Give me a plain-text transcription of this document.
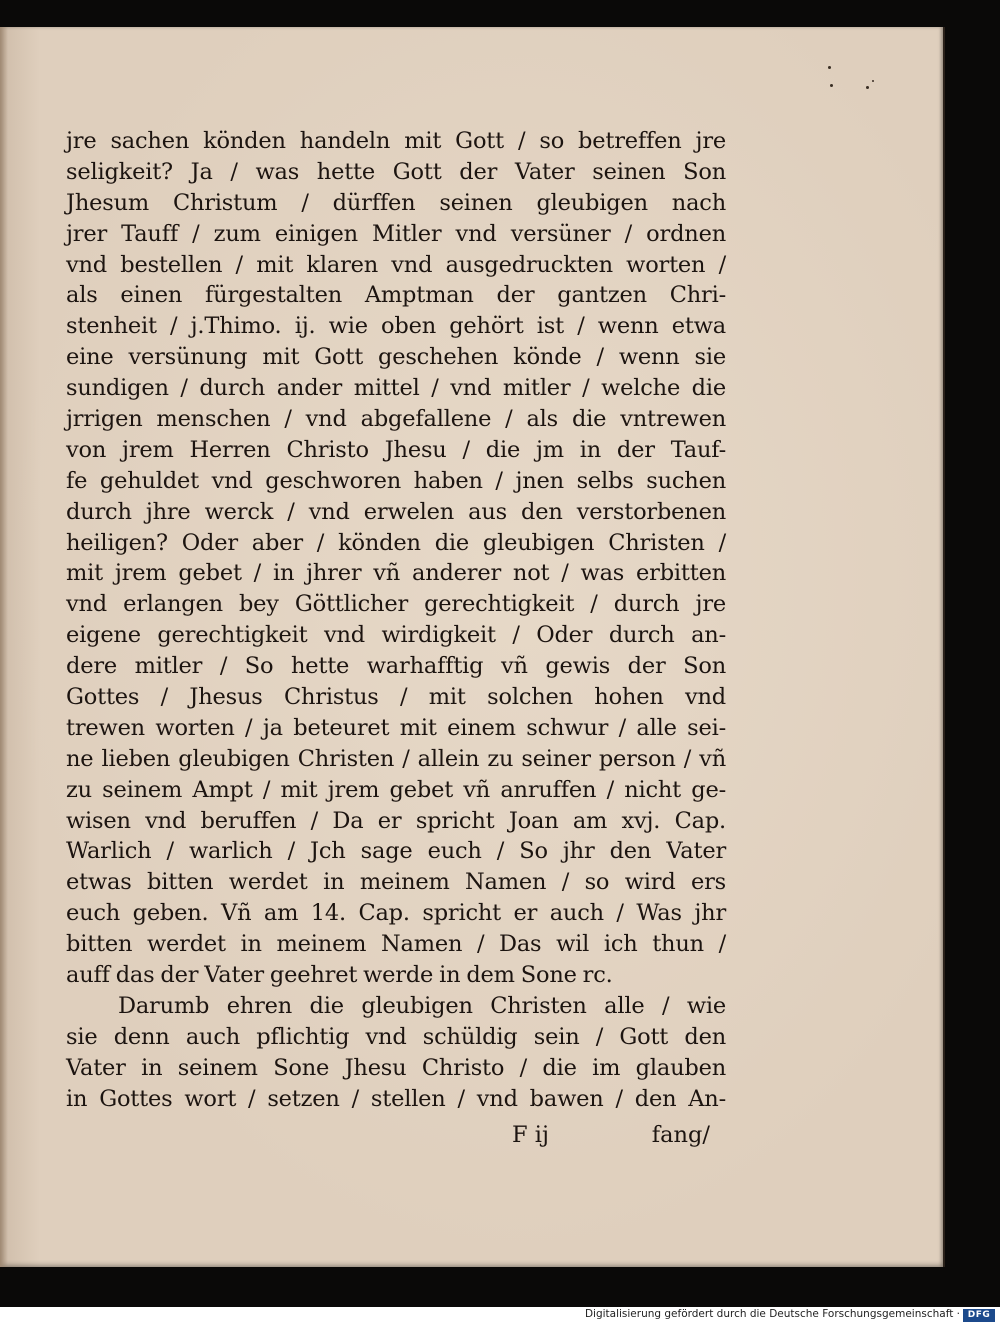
jre sachen könden handeln mit Gott / so betreffen jre
seligkeit? Ja / was hette Gott der Vater seinen Son
Jhesum Christum / dürffen seinen gleubigen nach
jrer Tauff / zum einigen Mitler vnd versüner / ordnen
vnd bestellen / mit klaren vnd ausgedruckten worten /
als einen fürgestalten Amptman der gantzen Chri-
stenheit / j.Thimo. ij. wie oben gehört ist / wenn etwa
eine versünung mit Gott geschehen könde / wenn sie
sundigen / durch ander mittel / vnd mitler / welche die
jrrigen menschen / vnd abgefallene / als die vntrewen
von jrem Herren Christo Jhesu / die jm in der Tauf-
fe gehuldet vnd geschworen haben / jnen selbs suchen
durch jhre werck / vnd erwelen aus den verstorbenen
heiligen? Oder aber / könden die gleubigen Christen /
mit jrem gebet / in jhrer vñ anderer not / was erbitten
vnd erlangen bey Göttlicher gerechtigkeit / durch jre
eigene gerechtigkeit vnd wirdigkeit / Oder durch an-
dere mitler / So hette warhafftig vñ gewis der Son
Gottes / Jhesus Christus / mit solchen hohen vnd
trewen worten / ja beteuret mit einem schwur / alle sei-
ne lieben gleubigen Christen / allein zu seiner person / vñ
zu seinem Ampt / mit jrem gebet vñ anruffen / nicht ge-
wisen vnd beruffen / Da er spricht Joan am xvj. Cap.
Warlich / warlich / Jch sage euch / So jhr den Vater
etwas bitten werdet in meinem Namen / so wird ers
euch geben. Vñ am 14. Cap. spricht er auch / Was jhr
bitten werdet in meinem Namen / Das wil ich thun /
auff das der Vater geehret werde in dem Sone rc.
Darumb ehren die gleubigen Christen alle / wie
sie denn auch pflichtig vnd schüldig sein / Gott den
Vater in seinem Sone Jhesu Christo / die im glauben
in Gottes wort / setzen / stellen / vnd bawen / den An-
F ij	fang/
Digitalisierung gefördert durch die Deutsche Forschungsgemeinschaft · DFG
